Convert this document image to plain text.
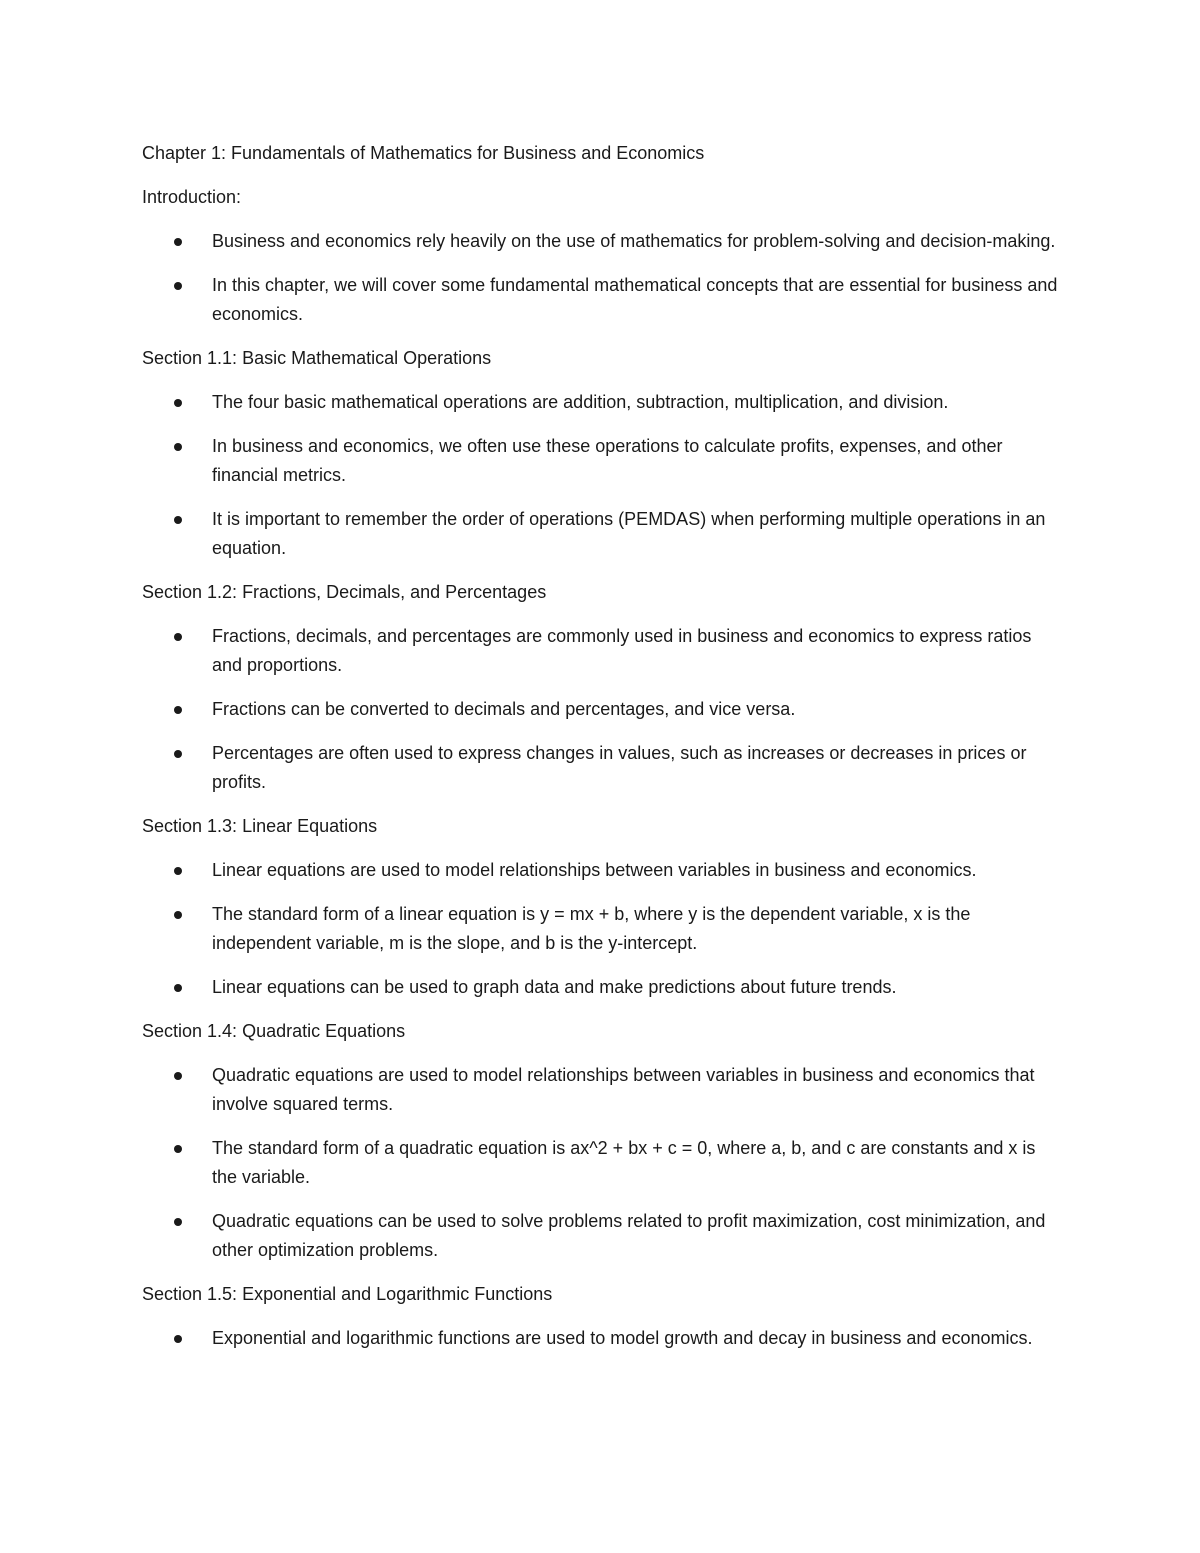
Chapter 1: Fundamentals of Mathematics for Business and Economics

Introduction:

Business and economics rely heavily on the use of mathematics for problem-solving and decision-making.
In this chapter, we will cover some fundamental mathematical concepts that are essential for business and economics.

Section 1.1: Basic Mathematical Operations

The four basic mathematical operations are addition, subtraction, multiplication, and division.
In business and economics, we often use these operations to calculate profits, expenses, and other financial metrics.
It is important to remember the order of operations (PEMDAS) when performing multiple operations in an equation.

Section 1.2: Fractions, Decimals, and Percentages

Fractions, decimals, and percentages are commonly used in business and economics to express ratios and proportions.
Fractions can be converted to decimals and percentages, and vice versa.
Percentages are often used to express changes in values, such as increases or decreases in prices or profits.

Section 1.3: Linear Equations

Linear equations are used to model relationships between variables in business and economics.
The standard form of a linear equation is y = mx + b, where y is the dependent variable, x is the independent variable, m is the slope, and b is the y-intercept.
Linear equations can be used to graph data and make predictions about future trends.

Section 1.4: Quadratic Equations

Quadratic equations are used to model relationships between variables in business and economics that involve squared terms.
The standard form of a quadratic equation is ax^2 + bx + c = 0, where a, b, and c are constants and x is the variable.
Quadratic equations can be used to solve problems related to profit maximization, cost minimization, and other optimization problems.

Section 1.5: Exponential and Logarithmic Functions

Exponential and logarithmic functions are used to model growth and decay in business and economics.
